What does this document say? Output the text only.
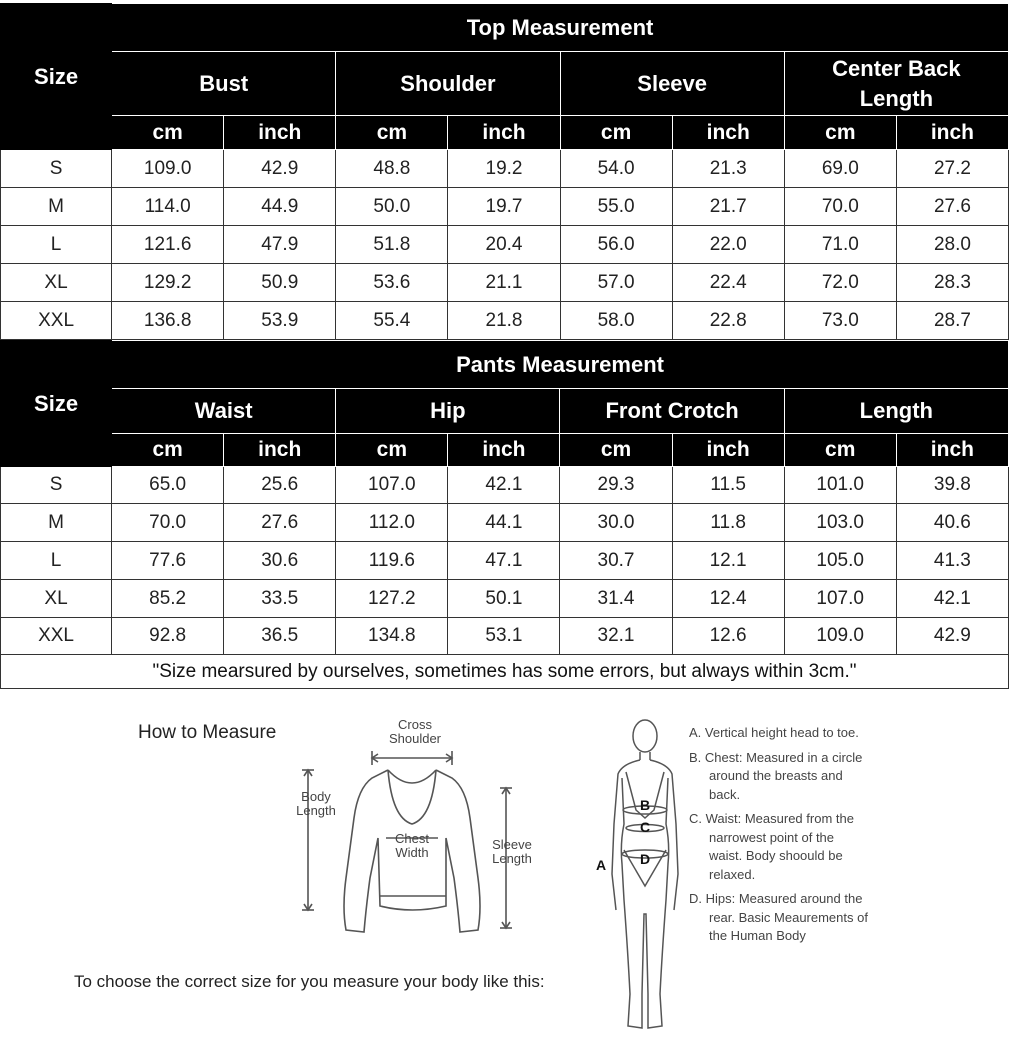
Size	Top Measurement							
	Bust		Shoulder		Sleeve		Center Back Length	
	cm	inch	cm	inch	cm	inch	cm	inch
S	109.0	42.9	48.8	19.2	54.0	21.3	69.0	27.2
M	114.0	44.9	50.0	19.7	55.0	21.7	70.0	27.6
L	121.6	47.9	51.8	20.4	56.0	22.0	71.0	28.0
XL	129.2	50.9	53.6	21.1	57.0	22.4	72.0	28.3
XXL	136.8	53.9	55.4	21.8	58.0	22.8	73.0	28.7
Size	Pants Measurement							
	Waist		Hip		Front Crotch		Length	
	cm	inch	cm	inch	cm	inch	cm	inch
S	65.0	25.6	107.0	42.1	29.3	11.5	101.0	39.8
M	70.0	27.6	112.0	44.1	30.0	11.8	103.0	40.6
L	77.6	30.6	119.6	47.1	30.7	12.1	105.0	41.3
XL	85.2	33.5	127.2	50.1	31.4	12.4	107.0	42.1
XXL	92.8	36.5	134.8	53.1	32.1	12.6	109.0	42.9
"Size mearsured by ourselves, sometimes has some errors, but always within 3cm."								
How to Measure	Cross
Shoulder
Body
Length
Chest
Width
Sleeve
Length
To choose the correct size for you measure your body like this:
B
C
D
A
A. Vertical height head to toe.
B. Chest: Measured in a circle around the breasts and back.
C. Waist: Measured from the narrowest point of the waist. Body shoould be relaxed.
D. Hips: Measured around the rear. Basic Meaurements of the Human Body
